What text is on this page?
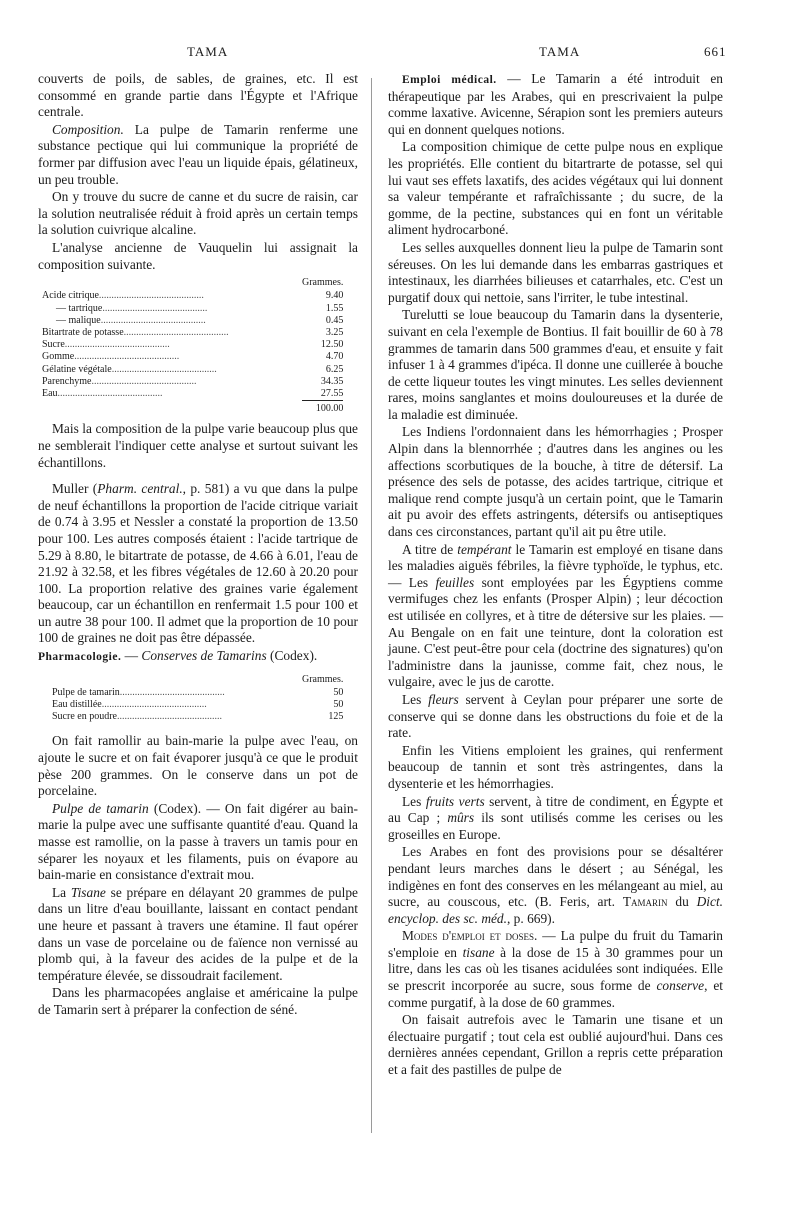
TAMA	TAMA	661

couverts de poils, de sables, de graines, etc. Il est consommé en grande partie dans l'Égypte et l'Afrique centrale.

Composition. La pulpe de Tamarin renferme une substance pectique qui lui communique la propriété de former par diffusion avec l'eau un liquide épais, gélatineux, un peu trouble.

On y trouve du sucre de canne et du sucre de raisin, car la solution neutralisée réduit à froid après un certain temps la solution cuivrique alcaline.

L'analyse ancienne de Vauquelin lui assignait la composition suivante.

	Grammes.
Acide citrique..........................................	9.40
— tartrique..........................................	1.55
— malique..........................................	0.45
Bitartrate de potasse..........................................	3.25
Sucre..........................................	12.50
Gomme..........................................	4.70
Gélatine végétale..........................................	6.25
Parenchyme..........................................	34.35
Eau..........................................	27.55
	100.00

Mais la composition de la pulpe varie beaucoup plus que ne semblerait l'indiquer cette analyse et surtout suivant les échantillons.

Muller (Pharm. central., p. 581) a vu que dans la pulpe de neuf échantillons la proportion de l'acide citrique variait de 0.74 à 3.95 et Nessler a constaté la proportion de 13.50 pour 100. Les autres composés étaient : l'acide tartrique de 5.29 à 8.80, le bitartrate de potasse, de 4.66 à 6.01, l'eau de 21.92 à 32.58, et les fibres végétales de 12.60 à 20.20 pour 100. La proportion relative des graines varie également beaucoup, car un échantillon en renfermait 1.5 pour 100 et un autre 38 pour 100. Il admet que la proportion de 10 pour 100 de graines ne doit pas être dépassée.

Pharmacologie. — Conserves de Tamarins (Codex).

	Grammes.
Pulpe de tamarin..........................................	50
Eau distillée..........................................	50
Sucre en poudre..........................................	125

On fait ramollir au bain-marie la pulpe avec l'eau, on ajoute le sucre et on fait évaporer jusqu'à ce que le produit pèse 200 grammes. On le conserve dans un pot de porcelaine.

Pulpe de tamarin (Codex). — On fait digérer au bain-marie la pulpe avec une suffisante quantité d'eau. Quand la masse est ramollie, on la passe à travers un tamis pour en séparer les noyaux et les filaments, puis on évapore au bain-marie en consistance d'extrait mou.

La Tisane se prépare en délayant 20 grammes de pulpe dans un litre d'eau bouillante, laissant en contact pendant une heure et passant à travers une étamine. Il faut opérer dans un vase de porcelaine ou de faïence non vernissé au plomb qui, à la faveur des acides de la pulpe et de la température élevée, se dissoudrait facilement.

Dans les pharmacopées anglaise et américaine la pulpe de Tamarin sert à préparer la confection de séné.

Emploi médical. — Le Tamarin a été introduit en thérapeutique par les Arabes, qui en prescrivaient la pulpe comme laxative. Avicenne, Sérapion sont les premiers auteurs qui en donnent quelques notions.

La composition chimique de cette pulpe nous en explique les propriétés. Elle contient du bitartrarte de potasse, sel qui lui vaut ses effets laxatifs, des acides végétaux qui lui donnent sa valeur tempérante et rafraîchissante ; du sucre, de la gomme, de la pectine, substances qui en font un véritable aliment hydrocarboné.

Les selles auxquelles donnent lieu la pulpe de Tamarin sont séreuses. On les lui demande dans les embarras gastriques et intestinaux, les diarrhées bilieuses et catarrhales, etc. C'est un purgatif doux qui nettoie, sans l'irriter, le tube intestinal.

Turelutti se loue beaucoup du Tamarin dans la dysenterie, suivant en cela l'exemple de Bontius. Il fait bouillir de 60 à 78 grammes de tamarin dans 500 grammes d'eau, et ensuite y fait infuser 1 à 4 grammes d'ipéca. Il donne une cuillerée à bouche de cette liqueur toutes les vingt minutes. Les selles deviennent rares, moins sanglantes et moins douloureuses et la durée de la maladie est diminuée.

Les Indiens l'ordonnaient dans les hémorrhagies ; Prosper Alpin dans la blennorrhée ; d'autres dans les angines ou les affections scorbutiques de la bouche, à titre de détersif. La présence des sels de potasse, des acides tartrique, citrique et malique rend compte jusqu'à un certain point, que le Tamarin ait pu avoir des effets astringents, détersifs ou antiseptiques dans ces circonstances, partant qu'il ait pu être utile.

A titre de tempérant le Tamarin est employé en tisane dans les maladies aiguës fébriles, la fièvre typhoïde, le typhus, etc. — Les feuilles sont employées par les Égyptiens comme vermifuges chez les enfants (Prosper Alpin) ; leur décoction est utilisée en collyres, et à titre de détersive sur les plaies. — Au Bengale on en fait une teinture, dont la coloration est jaune. C'est peut-être pour cela (doctrine des signatures) qu'on l'administre dans la jaunisse, comme fait, chez nous, le vulgaire, avec le jus de carotte.

Les fleurs servent à Ceylan pour préparer une sorte de conserve qui se donne dans les obstructions du foie et de la rate.

Enfin les Vitiens emploient les graines, qui renferment beaucoup de tannin et sont très astringentes, dans la dysenterie et les hémorrhagies.

Les fruits verts servent, à titre de condiment, en Égypte et au Cap ; mûrs ils sont utilisés comme les cerises ou les groseilles en Europe.

Les Arabes en font des provisions pour se désaltérer pendant leurs marches dans le désert ; au Sénégal, les indigènes en font des conserves en les mélangeant au miel, au sucre, au couscous, etc. (B. Feris, art. Tamarin du Dict. encyclop. des sc. méd., p. 669).

Modes d'emploi et doses. — La pulpe du fruit du Tamarin s'emploie en tisane à la dose de 15 à 30 grammes pour un litre, dans les cas où les tisanes acidulées sont indiquées. Elle se prescrit incorporée au sucre, sous forme de conserve, et comme purgatif, à la dose de 60 grammes.

On faisait autrefois avec le Tamarin une tisane et un électuaire purgatif ; tout cela est oublié aujourd'hui. Dans ces dernières années cependant, Grillon a repris cette préparation et a fait des pastilles de pulpe de
